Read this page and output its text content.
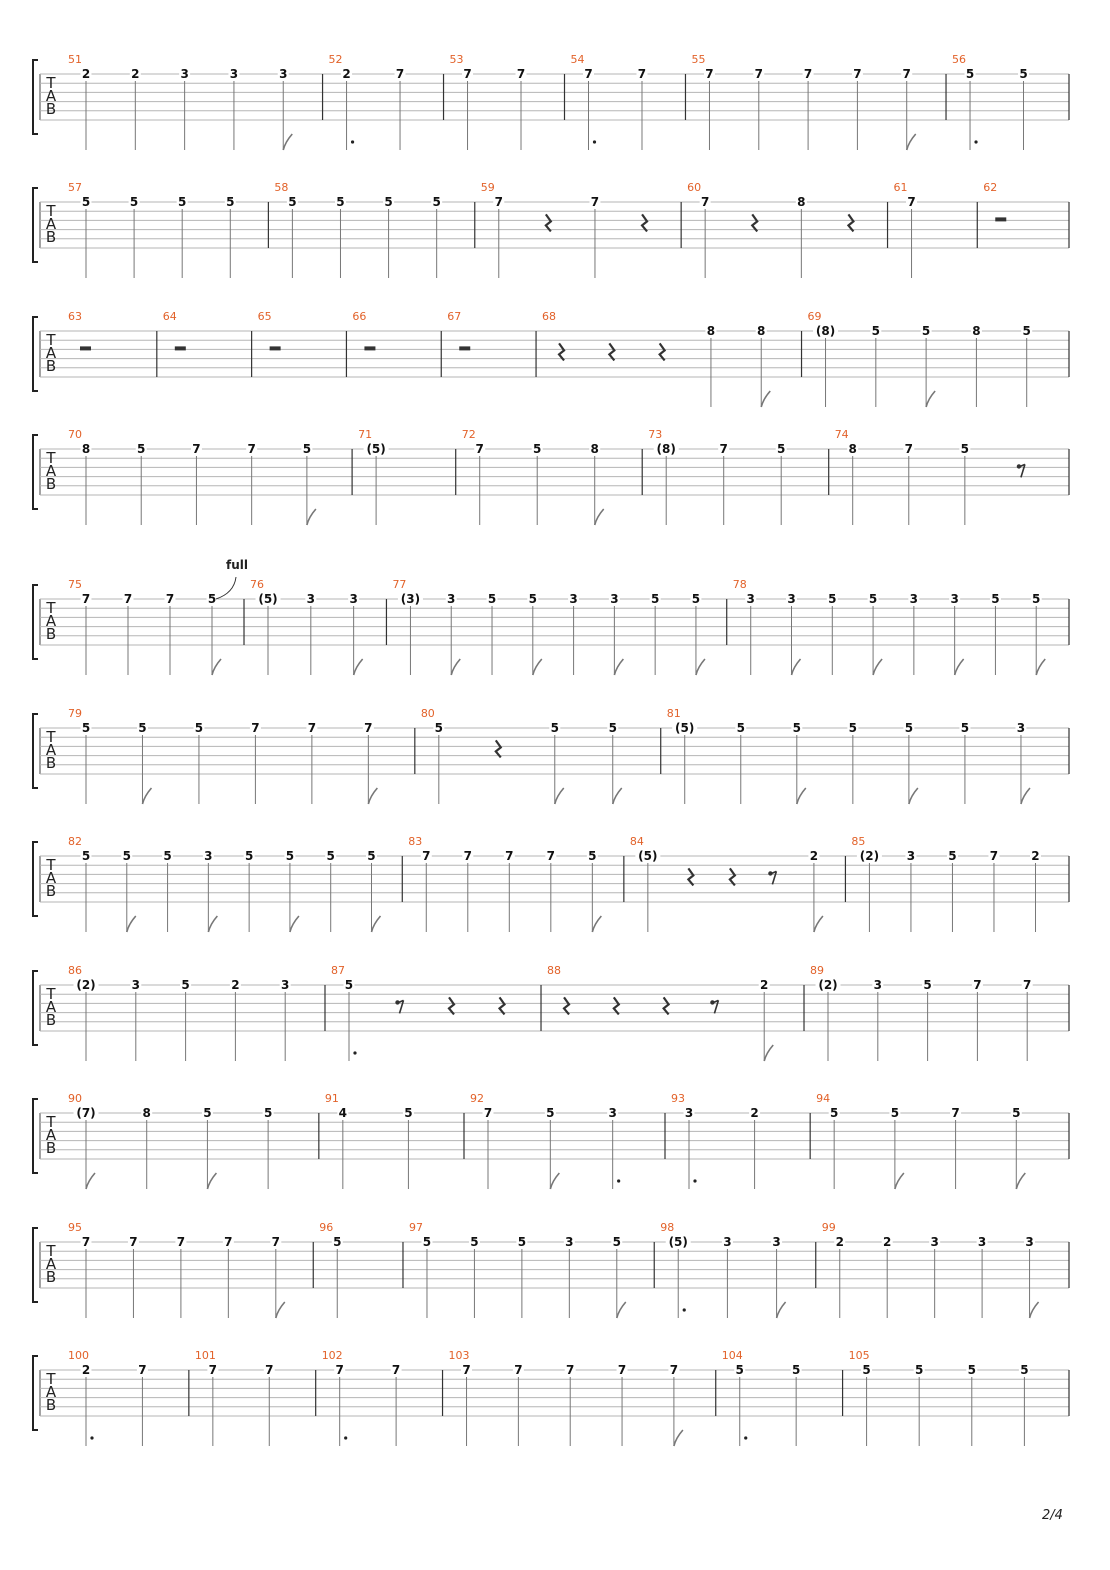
T
A
B
51
2	2	3	3	3
52
2	7
53
7	7
54
7	7
55
7	7	7	7	7
56
5	5
T
A
B
57
5	5	5	5
58
5	5	5	5
59
7	7
60
7	8
61
7
62
T
A
B
63	64	65	66	67	68
8	8
69
(8)	5	5	8	5
T
A
B
70
8	5	7	7	5
71
(5)
72
7	5	8
73
(8)	7	5
74
8	7	5
T
A
B
75
7	7	7	5
76
(5) 3	3
77
(3) 3	5	5	3	3	5	5
78
3	3	5	5	3	3	5	5
full
T
A
B
79
5	5	5	7	7	7
80
5	5	5
81
(5)	5	5	5	5	5	3
T
A
B
82
5	5	5	3	5	5	5	5
83
7	7	7	7	5
84
(5)	2
85
(2) 3	5	7	2
T
A
B
86
(2)	3	5	2	3
87
5
88
2
89
(2)	3	5	7	7
T
A
B
90
(7)	8	5	5
91
4	5
92
7	5	3
93
3	2
94
5	5	7	5
T
A
B
95
7	7	7	7	7
96
5
97
5	5	5	3	5
98
(5)	3	3
99
2	2	3	3	3
T
A
B
100
2	7
101
7	7
102
7	7
103
7	7	7	7	7
104
5	5
105
5	5	5	5
2/4
